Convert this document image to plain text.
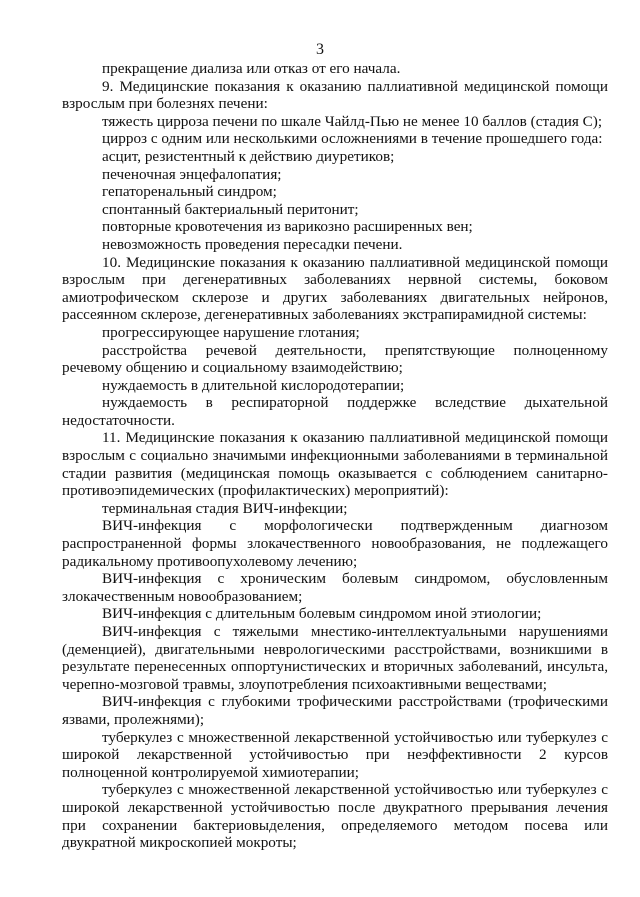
3

прекращение диализа или отказ от его начала.

9. Медицинские показания к оказанию паллиативной медицинской помощи взрослым при болезнях печени:

тяжесть цирроза печени по шкале Чайлд-Пью не менее 10 баллов (стадия С);

цирроз с одним или несколькими осложнениями в течение прошедшего года:

асцит, резистентный к действию диуретиков;

печеночная энцефалопатия;

гепаторенальный синдром;

спонтанный бактериальный перитонит;

повторные кровотечения из варикозно расширенных вен;

невозможность проведения пересадки печени.

10. Медицинские показания к оказанию паллиативной медицинской помощи взрослым при дегенеративных заболеваниях нервной системы, боковом амиотрофическом склерозе и других заболеваниях двигательных нейронов, рассеянном склерозе, дегенеративных заболеваниях экстрапирамидной системы:

прогрессирующее нарушение глотания;

расстройства речевой деятельности, препятствующие полноценному речевому общению и социальному взаимодействию;

нуждаемость в длительной кислородотерапии;

нуждаемость в респираторной поддержке вследствие дыхательной недостаточности.

11. Медицинские показания к оказанию паллиативной медицинской помощи взрослым с социально значимыми инфекционными заболеваниями в терминальной стадии развития (медицинская помощь оказывается с соблюдением санитарно-противоэпидемических (профилактических) мероприятий):

терминальная стадия ВИЧ-инфекции;

ВИЧ-инфекция с морфологически подтвержденным диагнозом распространенной формы злокачественного новообразования, не подлежащего радикальному противоопухолевому лечению;

ВИЧ-инфекция с хроническим болевым синдромом, обусловленным злокачественным новообразованием;

ВИЧ-инфекция с длительным болевым синдромом иной этиологии;

ВИЧ-инфекция с тяжелыми мнестико-интеллектуальными нарушениями (деменцией), двигательными неврологическими расстройствами, возникшими в результате перенесенных оппортунистических и вторичных заболеваний, инсульта, черепно-мозговой травмы, злоупотребления психоактивными веществами;

ВИЧ-инфекция с глубокими трофическими расстройствами (трофическими язвами, пролежнями);

туберкулез с множественной лекарственной устойчивостью или туберкулез с широкой лекарственной устойчивостью при неэффективности 2 курсов полноценной контролируемой химиотерапии;

туберкулез с множественной лекарственной устойчивостью или туберкулез с широкой лекарственной устойчивостью после двукратного прерывания лечения при сохранении бактериовыделения, определяемого методом посева или двукратной микроскопией мокроты;
